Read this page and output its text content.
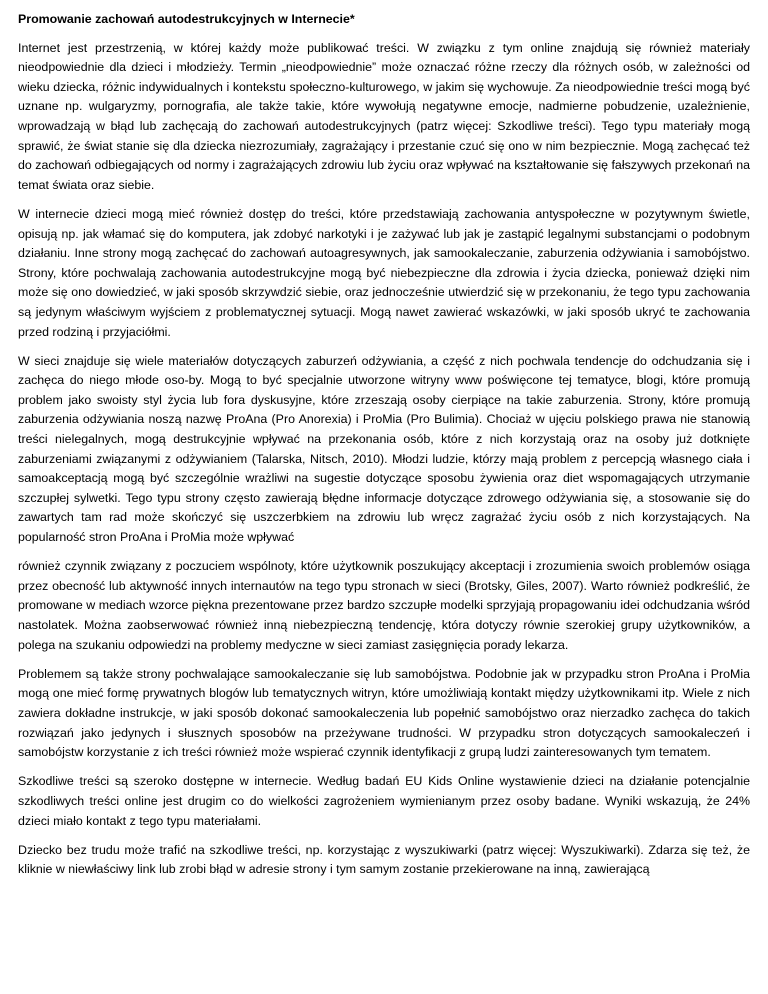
Promowanie zachowań autodestrukcyjnych w Internecie*

Internet jest przestrzenią, w której każdy może publikować treści. W związku z tym online znajdują się również materiały nieodpowiednie dla dzieci i młodzieży. Termin „nieodpowiednie” może oznaczać różne rzeczy dla różnych osób, w zależności od wieku dziecka, różnic indywidualnych i kontekstu społeczno-kulturowego, w jakim się wychowuje. Za nieodpowiednie treści mogą być uznane np. wulgaryzmy, pornografia, ale także takie, które wywołują negatywne emocje, nadmierne pobudzenie, uzależnienie, wprowadzają w błąd lub zachęcają do zachowań autodestrukcyjnych (patrz więcej: Szkodliwe treści). Tego typu materiały mogą sprawić, że świat stanie się dla dziecka niezrozumiały, zagrażający i przestanie czuć się ono w nim bezpiecznie. Mogą zachęcać też do zachowań odbiegających od normy i zagrażających zdrowiu lub życiu oraz wpływać na kształtowanie się fałszywych przekonań na temat świata oraz siebie.

W internecie dzieci mogą mieć również dostęp do treści, które przedstawiają zachowania antyspołeczne w pozytywnym świetle, opisują np. jak włamać się do komputera, jak zdobyć narkotyki i je zażywać lub jak je zastąpić legalnymi substancjami o podobnym działaniu. Inne strony mogą zachęcać do zachowań autoagresywnych, jak samookaleczanie, zaburzenia odżywiania i samobójstwo. Strony, które pochwalają zachowania autodestrukcyjne mogą być niebezpieczne dla zdrowia i życia dziecka, ponieważ dzięki nim może się ono dowiedzieć, w jaki sposób skrzywdzić siebie, oraz jednocześnie utwierdzić się w przekonaniu, że tego typu zachowania są jedynym właściwym wyjściem z problematycznej sytuacji. Mogą nawet zawierać wskazówki, w jaki sposób ukryć te zachowania przed rodziną i przyjaciółmi.

W sieci znajduje się wiele materiałów dotyczących zaburzeń odżywiania, a część z nich pochwala tendencje do odchudzania się i zachęca do niego młode oso-by. Mogą to być specjalnie utworzone witryny www poświęcone tej tematyce, blogi, które promują problem jako swoisty styl życia lub fora dyskusyjne, które zrzeszają osoby cierpiące na takie zaburzenia. Strony, które promują zaburzenia odżywiania noszą nazwę ProAna (Pro Anorexia) i ProMia (Pro Bulimia). Chociaż w ujęciu polskiego prawa nie stanowią treści nielegalnych, mogą destrukcyjnie wpływać na przekonania osób, które z nich korzystają oraz na osoby już dotknięte zaburzeniami związanymi z odżywianiem (Talarska, Nitsch, 2010). Młodzi ludzie, którzy mają problem z percepcją własnego ciała i samoakceptacją mogą być szczególnie wrażliwi na sugestie dotyczące sposobu żywienia oraz diet wspomagających utrzymanie szczupłej sylwetki. Tego typu strony często zawierają błędne informacje dotyczące zdrowego odżywiania się, a stosowanie się do zawartych tam rad może skończyć się uszczerbkiem na zdrowiu lub wręcz zagrażać życiu osób z nich korzystających. Na popularność stron ProAna i ProMia może wpływać

również czynnik związany z poczuciem wspólnoty, które użytkownik poszukujący akceptacji i zrozumienia swoich problemów osiąga przez obecność lub aktywność innych internautów na tego typu stronach w sieci (Brotsky, Giles, 2007). Warto również podkreślić, że promowane w mediach wzorce piękna prezentowane przez bardzo szczupłe modelki sprzyjają propagowaniu idei odchudzania wśród nastolatek. Można zaobserwować również inną niebezpieczną tendencję, która dotyczy równie szerokiej grupy użytkowników, a polega na szukaniu odpowiedzi na problemy medyczne w sieci zamiast zasięgnięcia porady lekarza.

Problemem są także strony pochwalające samookaleczanie się lub samobójstwa. Podobnie jak w przypadku stron ProAna i ProMia mogą one mieć formę prywatnych blogów lub tematycznych witryn, które umożliwiają kontakt między użytkownikami itp. Wiele z nich zawiera dokładne instrukcje, w jaki sposób dokonać samookaleczenia lub popełnić samobójstwo oraz nierzadko zachęca do takich rozwiązań jako jedynych i słusznych sposobów na przeżywane trudności. W przypadku stron dotyczących samookaleczeń i samobójstw korzystanie z ich treści również może wspierać czynnik identyfikacji z grupą ludzi zainteresowanych tym tematem.

Szkodliwe treści są szeroko dostępne w internecie. Według badań EU Kids Online wystawienie dzieci na działanie potencjalnie szkodliwych treści online jest drugim co do wielkości zagrożeniem wymienianym przez osoby badane. Wyniki wskazują, że 24% dzieci miało kontakt z tego typu materiałami.

Dziecko bez trudu może trafić na szkodliwe treści, np. korzystając z wyszukiwarki (patrz więcej: Wyszukiwarki). Zdarza się też, że kliknie w niewłaściwy link lub zrobi błąd w adresie strony i tym samym zostanie przekierowane na inną, zawierającą
